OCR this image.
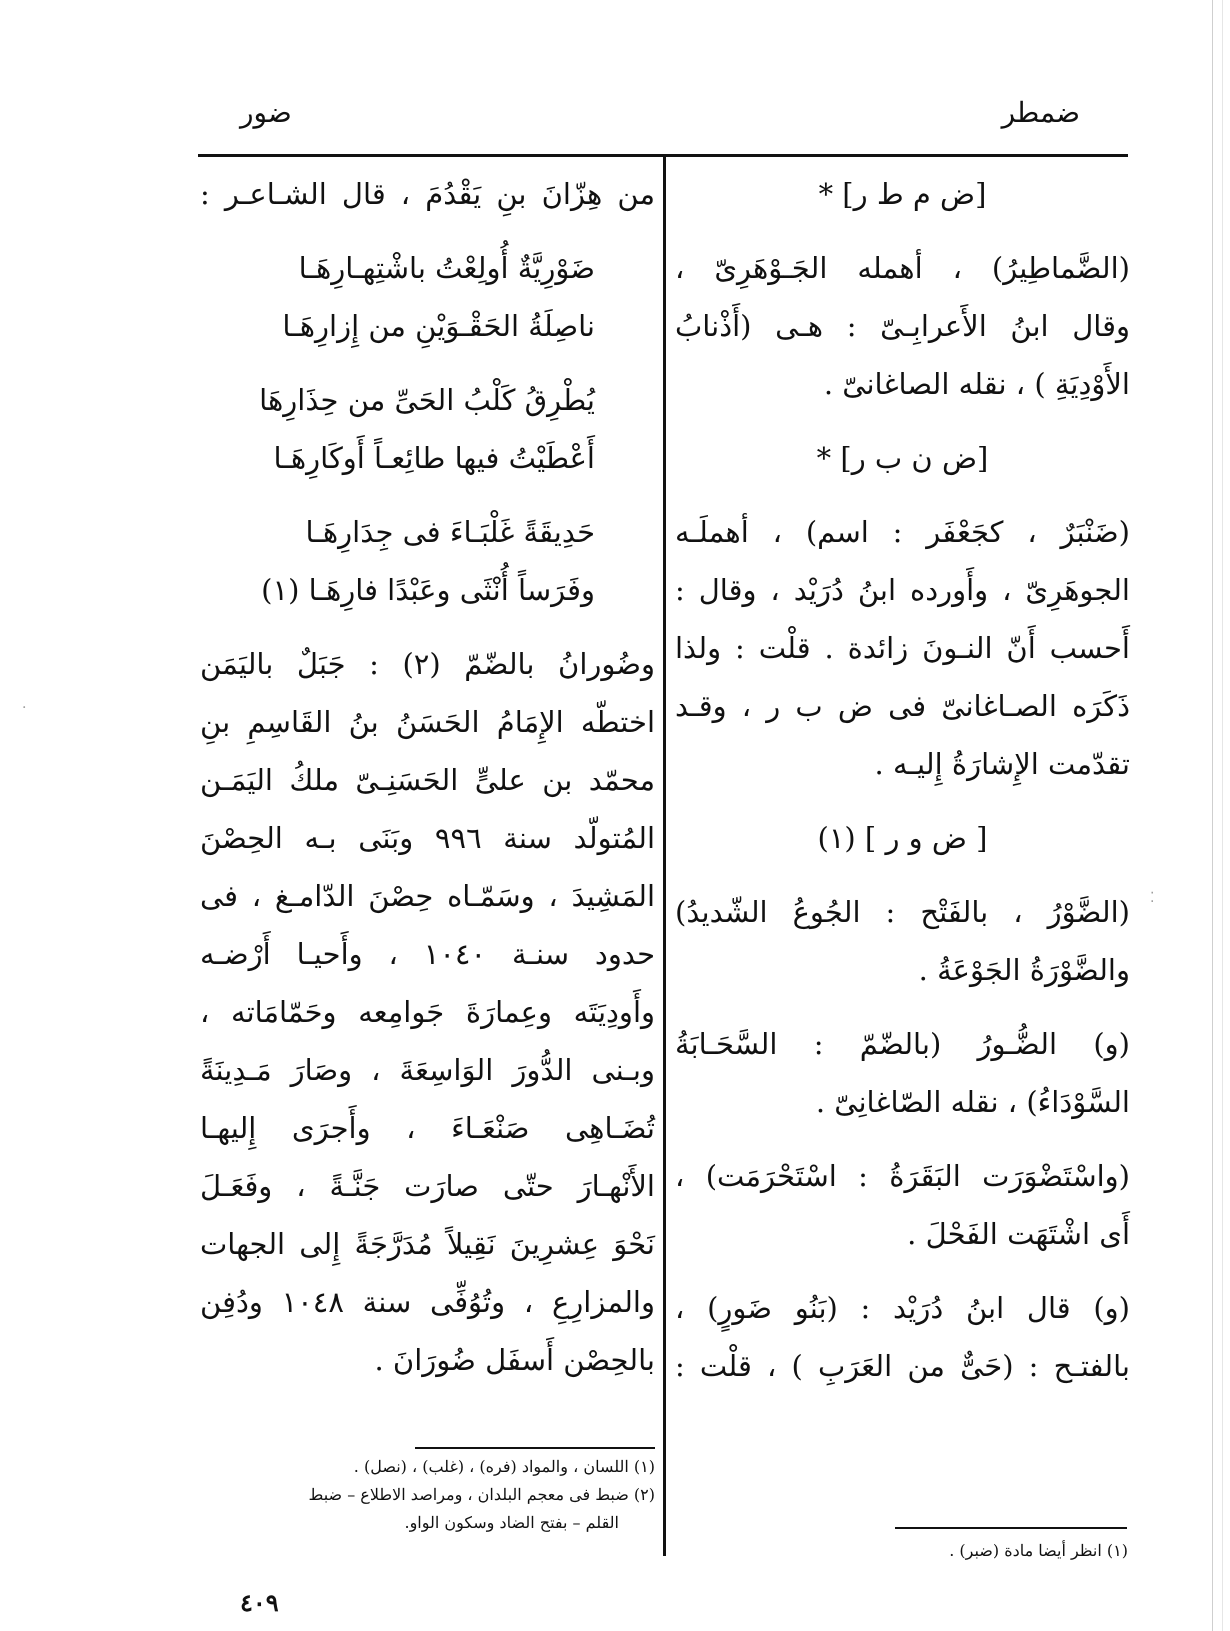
·
⁚
ضمطر
ضور
[ض م ط ر] *
(الضَّماطِيرُ) ، أهمله الجَـوْهَرِىّ ،
وقال ابنُ الأَعرابِـىّ : هـى (أَذْنابُ
الأَوْدِيَةِ ) ، نقله الصاغانىّ .
[ض ن ب ر] *
(ضَنْبَرٌ ، كجَعْفَر : اسم) ، أهملَـه
الجوهَرِىّ ، وأَورده ابنُ دُرَيْد ، وقال :
أَحسب أَنّ النـونَ زائدة . قلْت : ولذا
ذَكَرَه الصـاغانىّ فى ض ب ر ، وقـد
تقدّمت الإِشارَةُ إِليـه .
[ ض و ر ] (١)
(الضَّوْرُ ، بالفَتْح : الجُوعُ الشّديدُ)
والضَّوْرَةُ الجَوْعَةُ .
(و) الضُّـورُ (بالضّمّ : السَّحَـابَةُ
السَّوْدَاءُ) ، نقله الصّاغانِىّ .
(واسْتَضْوَرَت البَقَرَةُ : اسْتَحْرَمَت) ،
أَى اشْتَهَت الفَحْلَ .
(و) قال ابنُ دُرَيْد : (بَنُو ضَورٍ) ،
بالفتـح : (حَىٌّ من العَرَبِ ) ، قلْت :
من هِزّانَ بنِ يَقْدُمَ ، قال الشـاعـر :
ضَوْرِيَّةٌ أُولِعْتُ باشْتِهـارِهَـا
ناصِلَةُ الحَقْـوَيْنِ من إِزارِهَـا
يُطْرِقُ كَلْبُ الحَىِّ من حِذَارِهَا
أَعْطَيْتُ فيها طائِعـاً أَوكَارِهَـا
حَدِيقَةً غَلْبَـاءَ فى جِدَارِهَـا
وفَرَساً أُنْثَى وعَبْدًا فارِهَـا (١)
وضُورانُ بالضّمّ (٢) : جَبَلٌ باليَمَن
اختطّه الإِمَامُ الحَسَنُ بنُ القَاسِمِ بنِ
محمّد بن علىٍّ الحَسَنِـىّ ملكُ اليَمَـن
المُتولّد سنة ٩٩٦ وبَنَى بـه الحِصْنَ
المَشِيدَ ، وسَمّـاه حِصْنَ الدّامـغ ، فى
حدود سنـة ١٠٤٠ ، وأَحيـا أَرْضـه
وأَودِيَتَه وعِمارَةَ جَوامِعه وحَمّامَاته ،
وبـنى الدُّورَ الوَاسِعَةَ ، وصَارَ مَـدِينَةً
تُضَـاهِى صَنْعَـاءَ ، وأَجرَى إِليهـا
الأَنْهـارَ حتّى صارَت جَنَّـةً ، وفَعَـلَ
نَحْوَ عِشرِينَ نَقِيلاً مُدَرَّجَةً إِلى الجهات
والمزارِعِ ، وتُوُفِّى سنة ١٠٤٨ ودُفِن
بالحِصْن أَسفَل ضُورَانَ .
(١) انظر أيضا مادة (ضبر) .
(١) اللسان ، والمواد (فره) ، (غلب) ، (نصل) .
(٢) ضبط فى معجم البلدان ، ومراصد الاطلاع – ضبط
القلم – بفتح الضاد وسكون الواو.
٤٠٩
